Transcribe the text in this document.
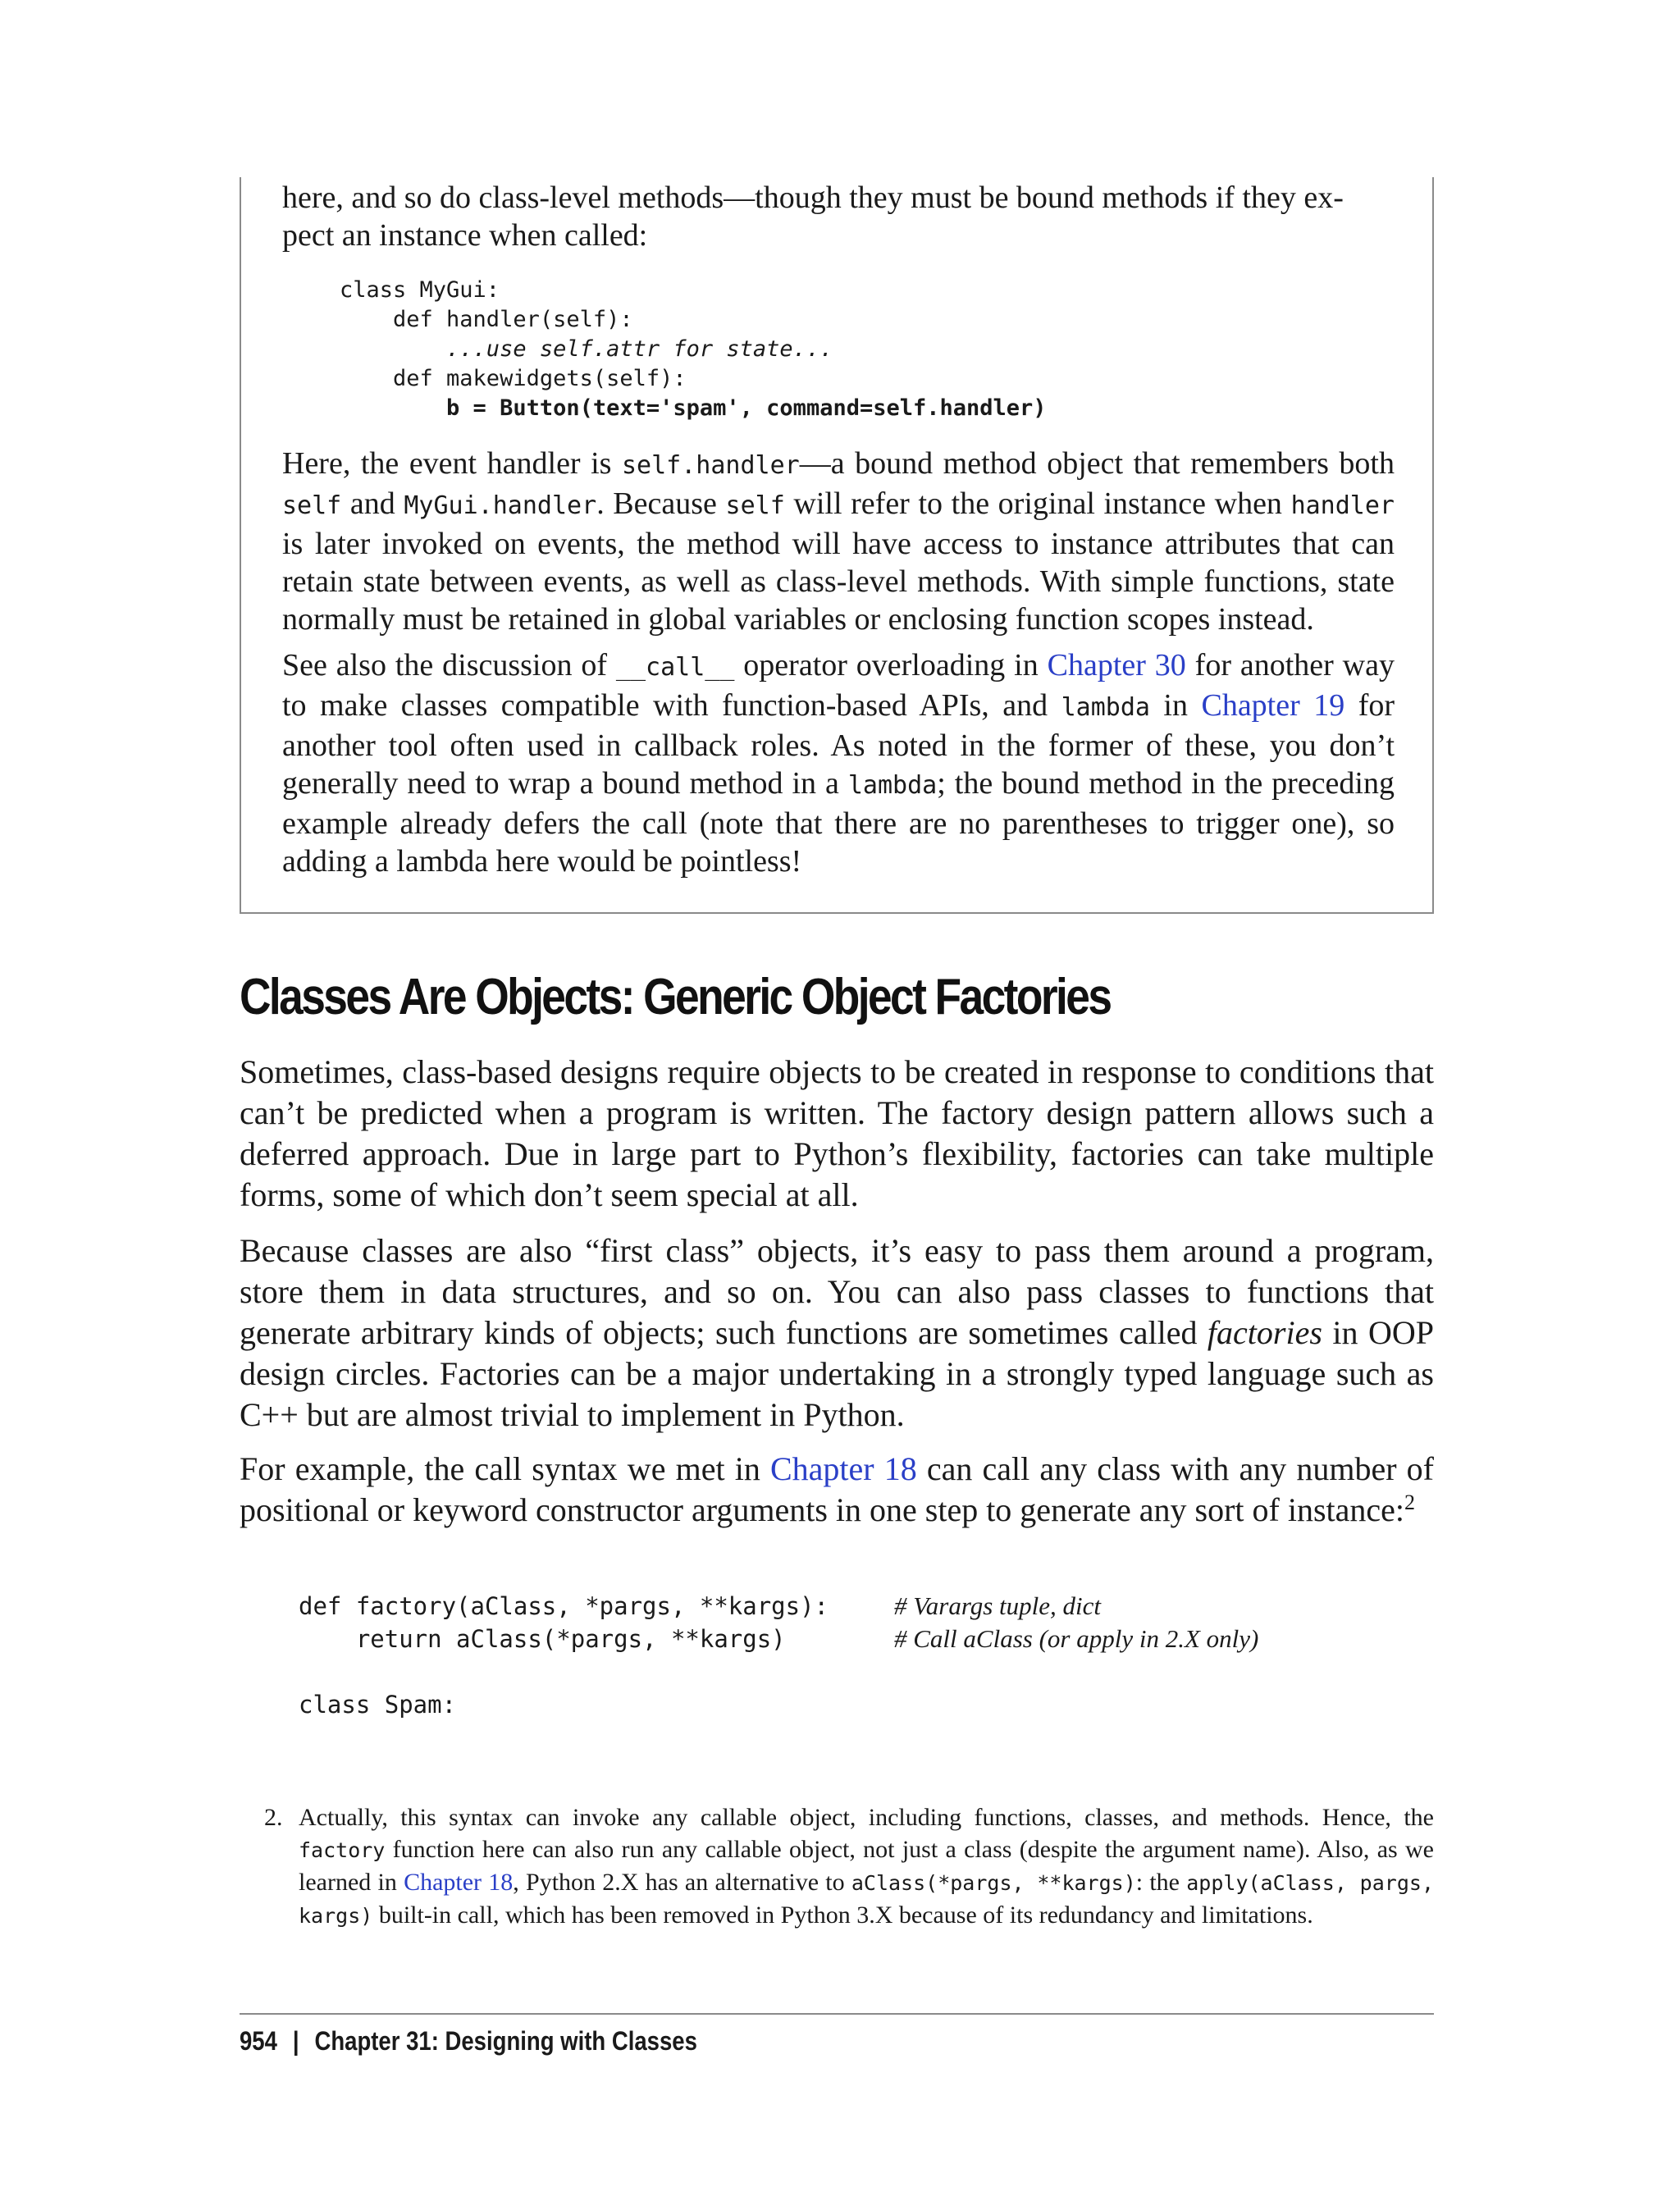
here, and so do class-level methods—though they must be bound methods if they ex-

pect an instance when called:

class MyGui:
def handler(self):
...use self.attr for state...
def makewidgets(self):
b = Button(text='spam', command=self.handler)

Here, the event handler is self.handler—a bound method object that remembers both self and MyGui.handler. Because self will refer to the original instance when handler is later invoked on events, the method will have access to instance attributes that can retain state between events, as well as class-level methods. With simple functions, state normally must be retained in global variables or enclosing function scopes instead.

See also the discussion of __call__ operator overloading in Chapter 30 for another way to make classes compatible with function-based APIs, and lambda in Chapter 19 for another tool often used in callback roles. As noted in the former of these, you don’t generally need to wrap a bound method in a lambda; the bound method in the preceding example already defers the call (note that there are no parentheses to trigger one), so adding a lambda here would be pointless!

Classes Are Objects: Generic Object Factories

Sometimes, class-based designs require objects to be created in response to conditions that can’t be predicted when a program is written. The factory design pattern allows such a deferred approach. Due in large part to Python’s flexibility, factories can take multiple forms, some of which don’t seem special at all.

Because classes are also “first class” objects, it’s easy to pass them around a program, store them in data structures, and so on. You can also pass classes to functions that generate arbitrary kinds of objects; such functions are sometimes called factories in OOP design circles. Factories can be a major undertaking in a strongly typed language such as C++ but are almost trivial to implement in Python.

For example, the call syntax we met in Chapter 18 can call any class with any number of positional or keyword constructor arguments in one step to generate any sort of instance:$^2$

def factory(aClass, *pargs, **kargs):	# Varargs tuple, dict
return aClass(*pargs, **kargs)	# Call aClass (or apply in 2.X only)
class Spam:
2. Actually, this syntax can invoke any callable object, including functions, classes, and methods. Hence, the factory function here can also run any callable object, not just a class (despite the argument name). Also, as we learned in Chapter 18, Python 2.X has an alternative to aClass(*pargs, **kargs): the apply(aClass, pargs, kargs) built-in call, which has been removed in Python 3.X because of its redundancy and limitations.
954 | Chapter 31: Designing with Classes
